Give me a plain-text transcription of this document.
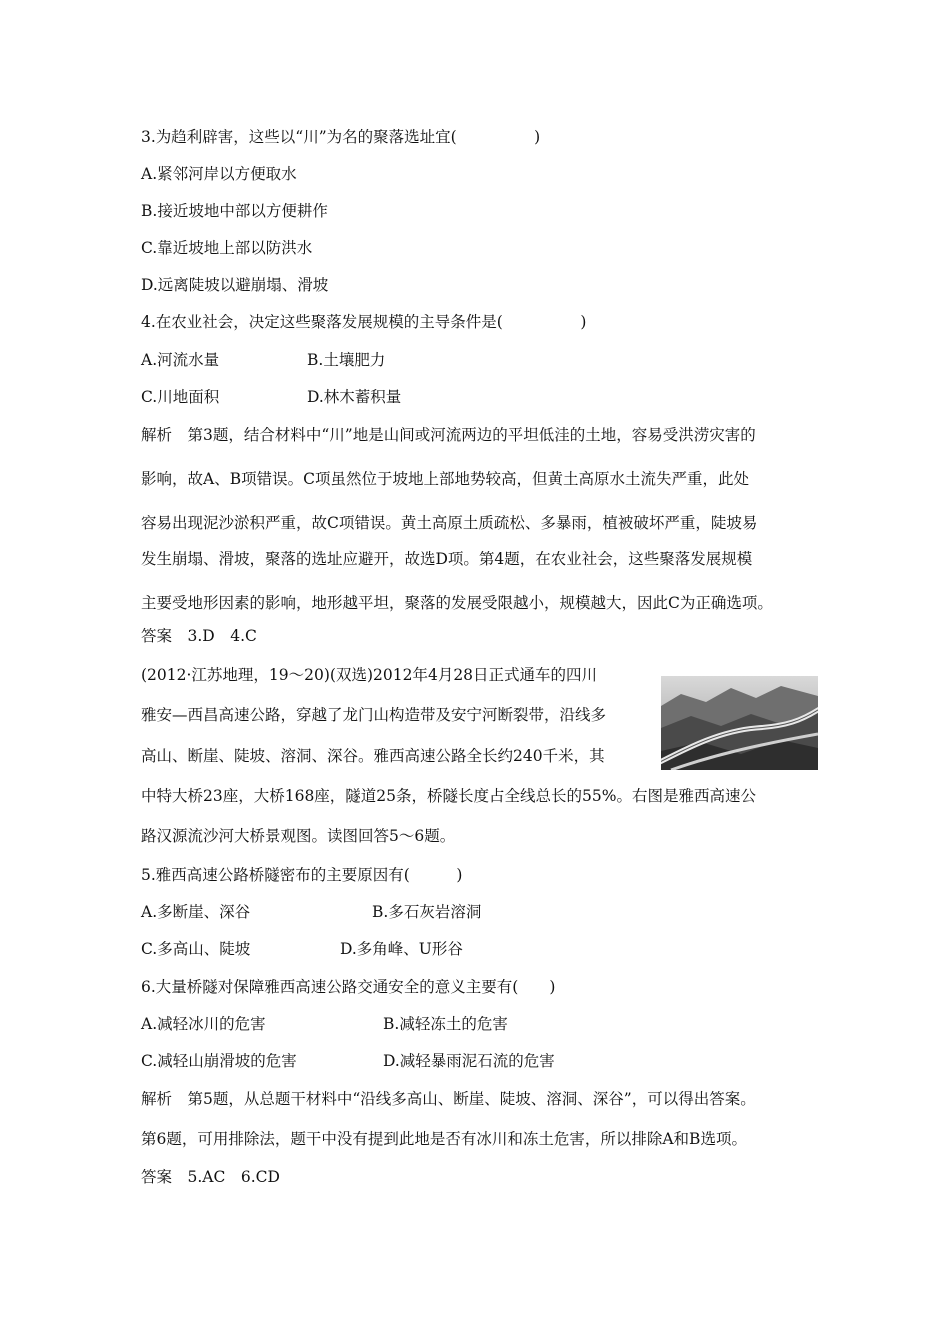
3.为趋利辟害，这些以“川”为名的聚落选址宜(　　　　　)
A.紧邻河岸以方便取水
B.接近坡地中部以方便耕作
C.靠近坡地上部以防洪水
D.远离陡坡以避崩塌、滑坡
4.在农业社会，决定这些聚落发展规模的主导条件是(　　　　　)
A.河流水量	B.土壤肥力
C.川地面积	D.林木蓄积量
解析　第3题，结合材料中“川”地是山间或河流两边的平坦低洼的土地，容易受洪涝灾害的
影响，故A、B项错误。C项虽然位于坡地上部地势较高，但黄土高原水土流失严重，此处
容易出现泥沙淤积严重，故C项错误。黄土高原土质疏松、多暴雨，植被破坏严重，陡坡易
发生崩塌、滑坡，聚落的选址应避开，故选D项。第4题，在农业社会，这些聚落发展规模
主要受地形因素的影响，地形越平坦，聚落的发展受限越小，规模越大，因此C为正确选项。
答案　3.D　4.C
(2012·江苏地理，19～20)(双选)2012年4月28日正式通车的四川
雅安—西昌高速公路，穿越了龙门山构造带及安宁河断裂带，沿线多
高山、断崖、陡坡、溶洞、深谷。雅西高速公路全长约240千米，其
中特大桥23座，大桥168座，隧道25条，桥隧长度占全线总长的55%。右图是雅西高速公
路汉源流沙河大桥景观图。读图回答5～6题。
5.雅西高速公路桥隧密布的主要原因有(　　　)
A.多断崖、深谷	B.多石灰岩溶洞
C.多高山、陡坡	D.多角峰、U形谷
6.大量桥隧对保障雅西高速公路交通安全的意义主要有(　　)
A.减轻冰川的危害	B.减轻冻土的危害
C.减轻山崩滑坡的危害	D.减轻暴雨泥石流的危害
解析　第5题，从总题干材料中“沿线多高山、断崖、陡坡、溶洞、深谷”，可以得出答案。
第6题，可用排除法，题干中没有提到此地是否有冰川和冻土危害，所以排除A和B选项。
答案　5.AC　6.CD
